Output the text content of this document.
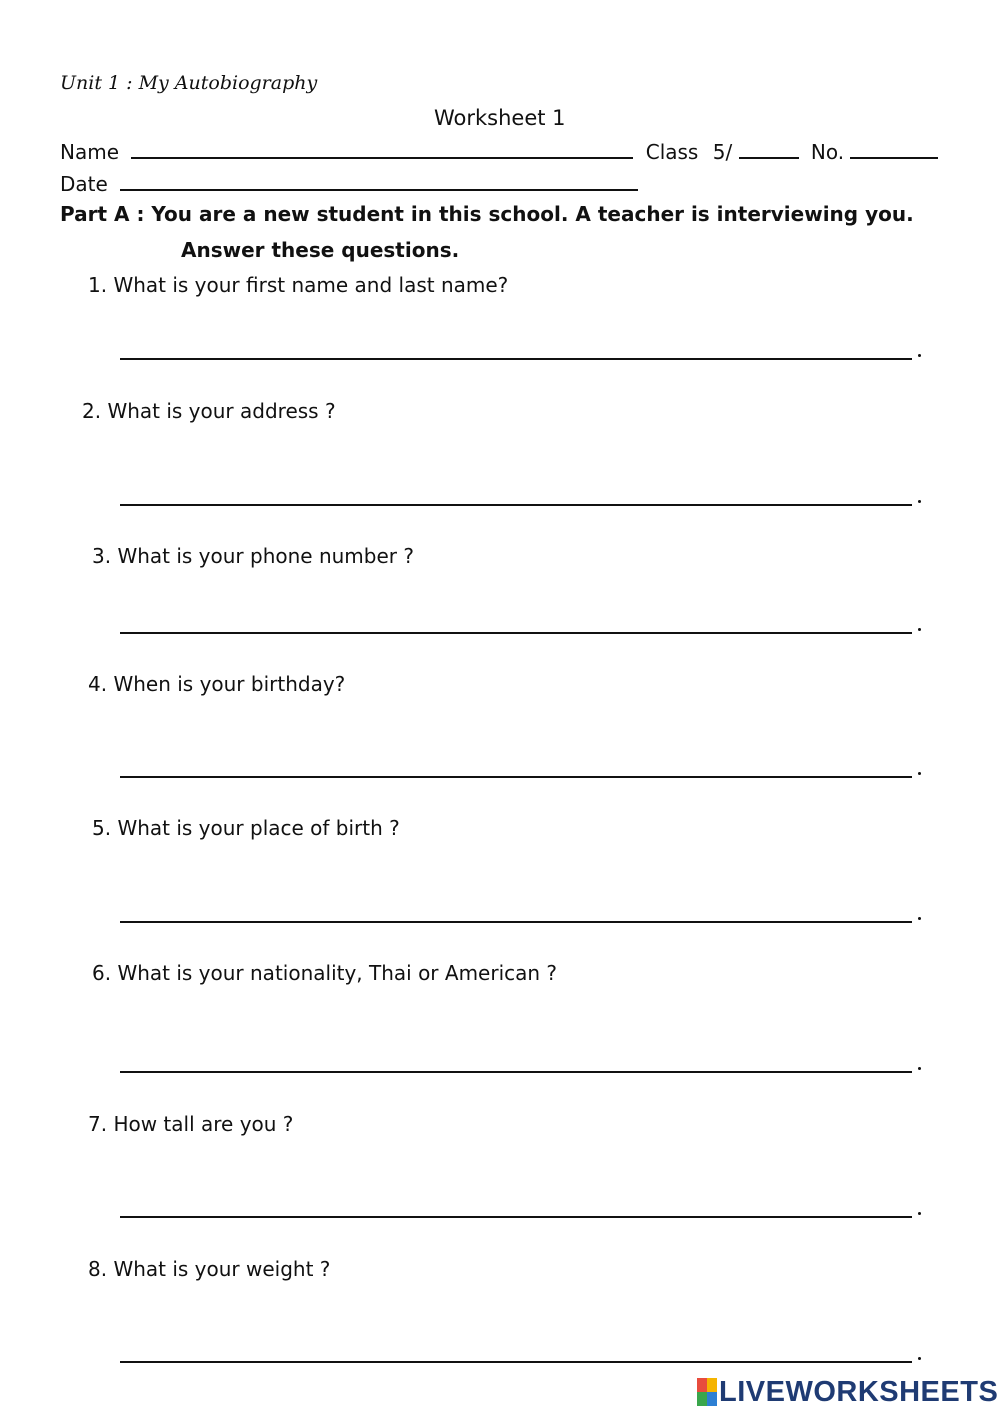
Unit 1 : My Autobiography
Worksheet 1
Name	Class 5/	No.
Date
Part A : You are a new student in this school. A teacher is interviewing you.
Answer these questions.
1. What is your first name and last name?
2. What is your address ?
3. What is your phone number ?
4. When is your birthday?
5. What is your place of birth ?
6. What is your nationality, Thai or American ?
7. How tall are you ?
8. What is your weight ?
LIVEWORKSHEETS
